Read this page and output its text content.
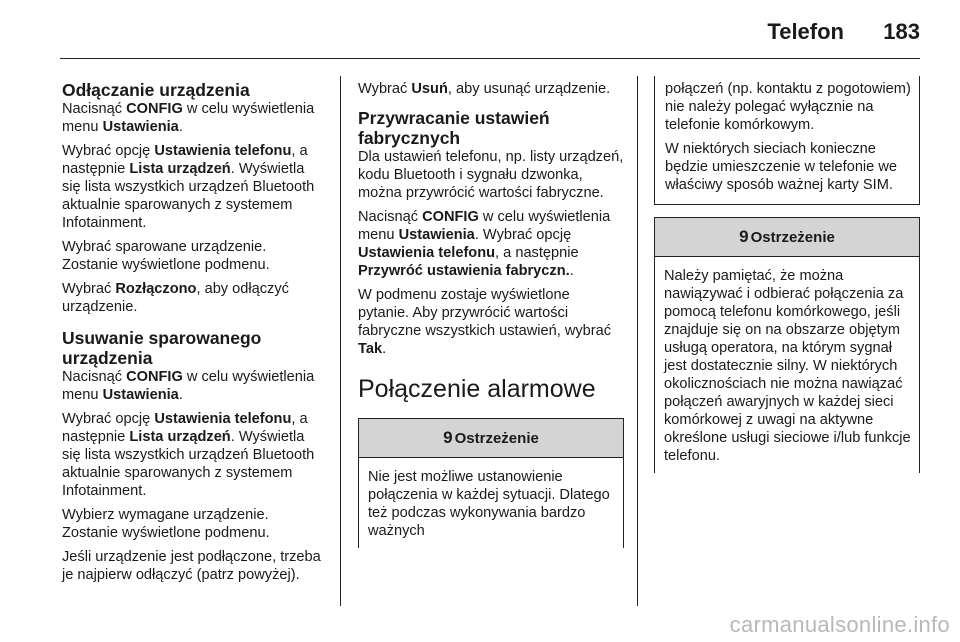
Telefon 183
Odłączanie urządzenia

Nacisnąć CONFIG w celu wyświetlenia menu Ustawienia.

Wybrać opcję Ustawienia telefonu, a następnie Lista urządzeń. Wyświetla się lista wszystkich urządzeń Bluetooth aktualnie sparowanych z systemem Infotainment.

Wybrać sparowane urządzenie. Zostanie wyświetlone podmenu.

Wybrać Rozłączono, aby odłączyć urządzenie.

Usuwanie sparowanego urządzenia

Nacisnąć CONFIG w celu wyświetlenia menu Ustawienia.

Wybrać opcję Ustawienia telefonu, a następnie Lista urządzeń. Wyświetla się lista wszystkich urządzeń Bluetooth aktualnie sparowanych z systemem Infotainment.

Wybierz wymagane urządzenie. Zostanie wyświetlone podmenu.

Jeśli urządzenie jest podłączone, trzeba je najpierw odłączyć (patrz powyżej).

Wybrać Usuń, aby usunąć urządzenie.

Przywracanie ustawień fabrycznych

Dla ustawień telefonu, np. listy urządzeń, kodu Bluetooth i sygnału dzwonka, można przywrócić wartości fabryczne.

Nacisnąć CONFIG w celu wyświetlenia menu Ustawienia. Wybrać opcję Ustawienia telefonu, a następnie Przywróć ustawienia fabryczn..

W podmenu zostaje wyświetlone pytanie. Aby przywrócić wartości fabryczne wszystkich ustawień, wybrać Tak.

Połączenie alarmowe
9 Ostrzeżenie

Nie jest możliwe ustanowienie połączenia w każdej sytuacji. Dlatego też podczas wykonywania bardzo ważnych

połączeń (np. kontaktu z pogotowiem) nie należy polegać wyłącznie na telefonie komórkowym.

W niektórych sieciach konieczne będzie umieszczenie w telefonie we właściwy sposób ważnej karty SIM.

9 Ostrzeżenie

Należy pamiętać, że można nawiązywać i odbierać połączenia za pomocą telefonu komórkowego, jeśli znajduje się on na obszarze objętym usługą operatora, na którym sygnał jest dostatecznie silny. W niektórych okolicznościach nie można nawiązać połączeń awaryjnych w każdej sieci komórkowej z uwagi na aktywne określone usługi sieciowe i/lub funkcje telefonu.

carmanualsonline.info
